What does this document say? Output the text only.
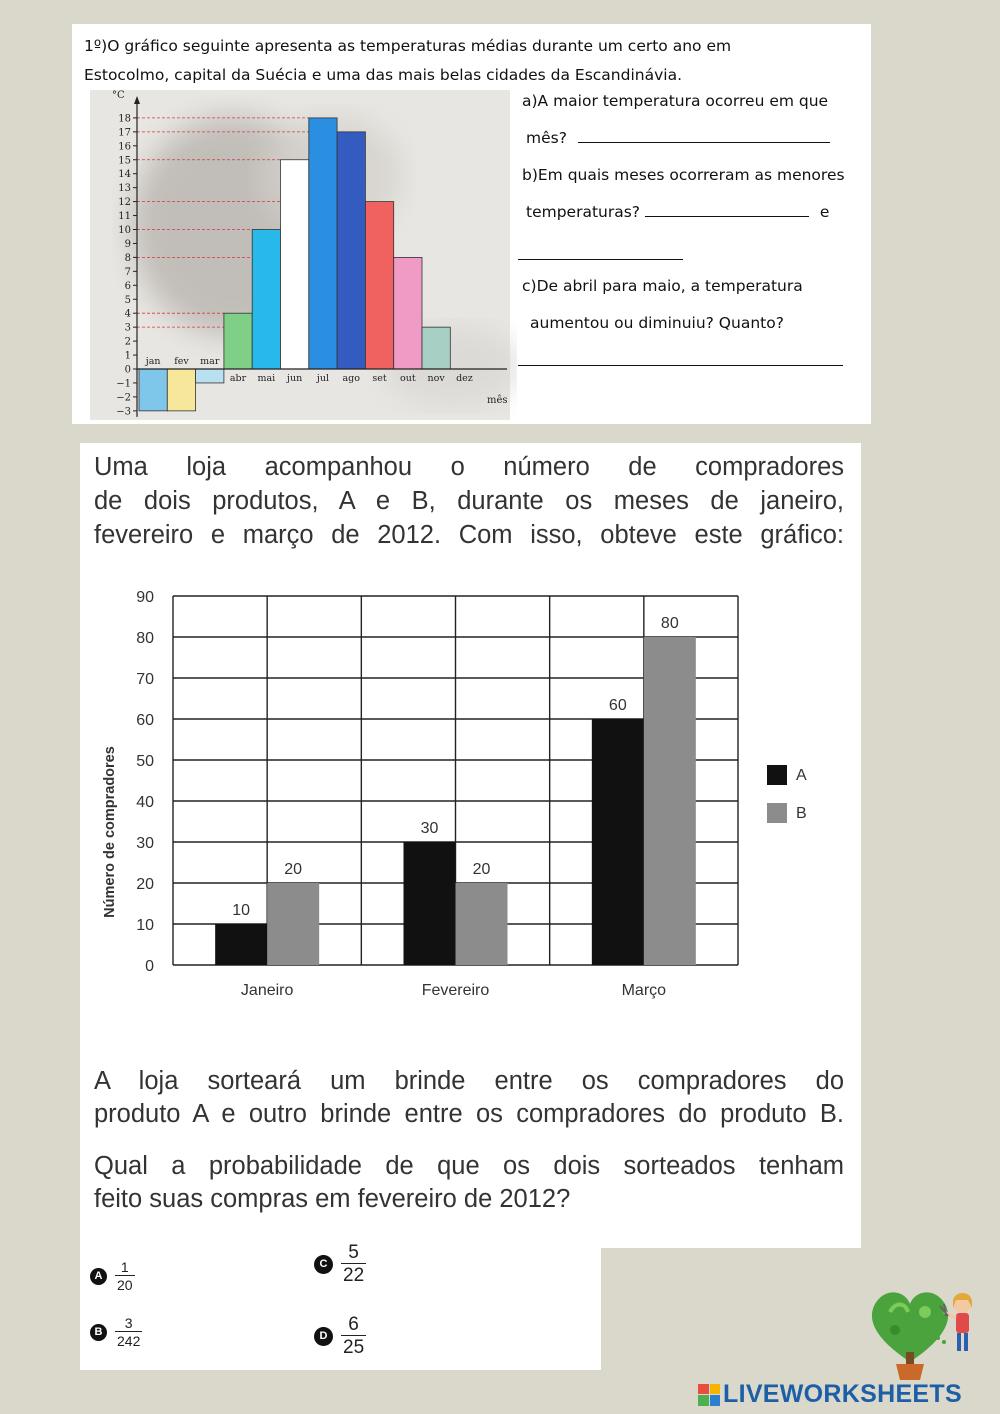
1º)O gráfico seguinte apresenta as temperaturas médias durante um certo ano em
Estocolmo, capital da Suécia e uma das mais belas cidades da Escandinávia.
18
17
16
15
14
13
12
11
10
9
8
7
6
5
4
3
2
1
0
−1
−2
−3
jan fev mar
abr mai jun jul ago set out nov dez
°C
mês
a)A maior temperatura ocorreu em que
mês?
b)Em quais meses ocorreram as menores
temperaturas?	e
c)De abril para maio, a temperatura
aumentou ou diminuiu? Quanto?
Uma loja acompanhou o número de compradores
de dois produtos, A e B, durante os meses de janeiro,
fevereiro e março de 2012. Com isso, obteve este gráfico:
0
10
20
30
40
50
60
70
80
90
10
20
30
20
60
80
Janeiro	Fevereiro	Março
A
B
Número de compradores
A loja sorteará um brinde entre os compradores do
produto A e outro brinde entre os compradores do produto B.
Qual a probabilidade de que os dois sorteados tenham
feito suas compras em fevereiro de 2012?
A $\frac{1}{20}$
B $\frac{3}{242}$
C $\frac{5}{22}$
D $\frac{6}{25}$
LIVEWORKSHEETS
